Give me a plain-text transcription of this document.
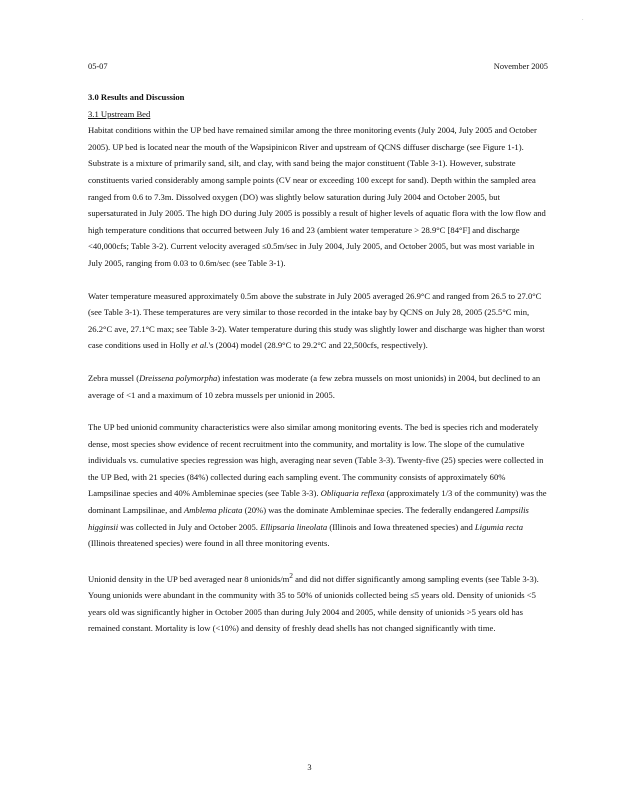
.
05-07	November 2005

3.0 Results and Discussion

3.1 Upstream Bed

Habitat conditions within the UP bed have remained similar among the three monitoring events (July 2004, July 2005 and October 2005). UP bed is located near the mouth of the Wapsipinicon River and upstream of QCNS diffuser discharge (see Figure 1-1). Substrate is a mixture of primarily sand, silt, and clay, with sand being the major constituent (Table 3-1). However, substrate constituents varied considerably among sample points (CV near or exceeding 100 except for sand). Depth within the sampled area ranged from 0.6 to 7.3m. Dissolved oxygen (DO) was slightly below saturation during July 2004 and October 2005, but supersaturated in July 2005. The high DO during July 2005 is possibly a result of higher levels of aquatic flora with the low flow and high temperature conditions that occurred between July 16 and 23 (ambient water temperature > 28.9°C [84°F] and discharge <40,000cfs; Table 3-2). Current velocity averaged ≤0.5m/sec in July 2004, July 2005, and October 2005, but was most variable in July 2005, ranging from 0.03 to 0.6m/sec (see Table 3-1).

Water temperature measured approximately 0.5m above the substrate in July 2005 averaged 26.9°C and ranged from 26.5 to 27.0°C (see Table 3-1). These temperatures are very similar to those recorded in the intake bay by QCNS on July 28, 2005 (25.5°C min, 26.2°C ave, 27.1°C max; see Table 3-2). Water temperature during this study was slightly lower and discharge was higher than worst case conditions used in Holly et al.'s (2004) model (28.9°C to 29.2°C and 22,500cfs, respectively).

Zebra mussel (Dreissena polymorpha) infestation was moderate (a few zebra mussels on most unionids) in 2004, but declined to an average of <1 and a maximum of 10 zebra mussels per unionid in 2005.

The UP bed unionid community characteristics were also similar among monitoring events. The bed is species rich and moderately dense, most species show evidence of recent recruitment into the community, and mortality is low. The slope of the cumulative individuals vs. cumulative species regression was high, averaging near seven (Table 3-3). Twenty-five (25) species were collected in the UP Bed, with 21 species (84%) collected during each sampling event. The community consists of approximately 60% Lampsilinae species and 40% Ambleminae species (see Table 3-3). Obliquaria reflexa (approximately 1/3 of the community) was the dominant Lampsilinae, and Amblema plicata (20%) was the dominate Ambleminae species. The federally endangered Lampsilis higginsii was collected in July and October 2005. Ellipsaria lineolata (Illinois and Iowa threatened species) and Ligumia recta (Illinois threatened species) were found in all three monitoring events.

Unionid density in the UP bed averaged near 8 unionids/$m^2$ and did not differ significantly among sampling events (see Table 3-3). Young unionids were abundant in the community with 35 to 50% of unionids collected being ≤5 years old. Density of unionids <5 years old was significantly higher in October 2005 than during July 2004 and 2005, while density of unionids >5 years old has remained constant. Mortality is low (<10%) and density of freshly dead shells has not changed significantly with time.

3
